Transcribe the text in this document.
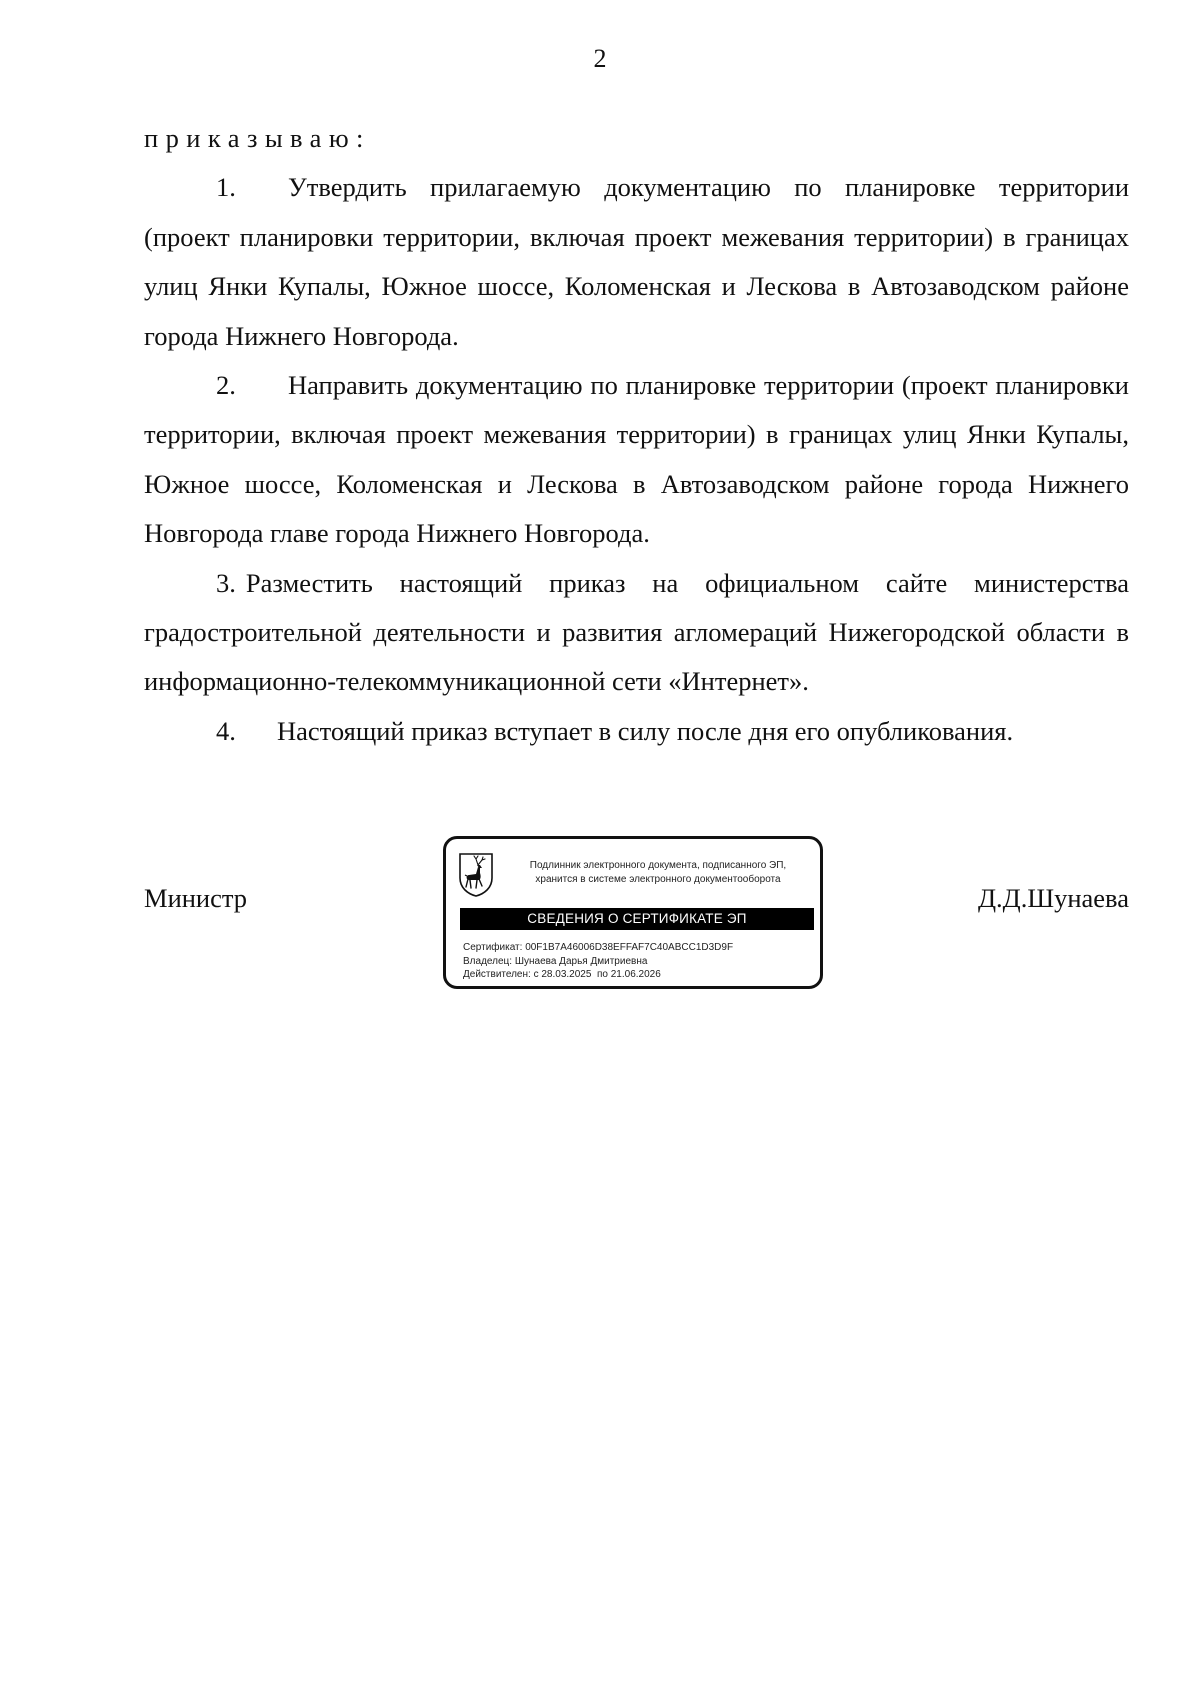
2

приказываю:

1. Утвердить прилагаемую документацию по планировке территории (проект планировки территории, включая проект межевания территории) в границах улиц Янки Купалы, Южное шоссе, Коломенская и Лескова в Автозаводском районе города Нижнего Новгорода.

2. Направить документацию по планировке территории (проект планировки территории, включая проект межевания территории) в границах улиц Янки Купалы, Южное шоссе, Коломенская и Лескова в Автозаводском районе города Нижнего Новгорода главе города Нижнего Новгорода.

3. Разместить настоящий приказ на официальном сайте министерства градостроительной деятельности и развития агломераций Нижегородской области в информационно-телекоммуникационной сети «Интернет».

4. Настоящий приказ вступает в силу после дня его опубликования.

Министр	Д.Д.Шунаева
Подлинник электронного документа, подписанного ЭП,
хранится в системе электронного документооборота
СВЕДЕНИЯ О СЕРТИФИКАТЕ ЭП
Сертификат: 00F1B7A46006D38EFFAF7C40ABCC1D3D9F
Владелец: Шунаева Дарья Дмитриевна
Действителен: с 28.03.2025 по 21.06.2026
